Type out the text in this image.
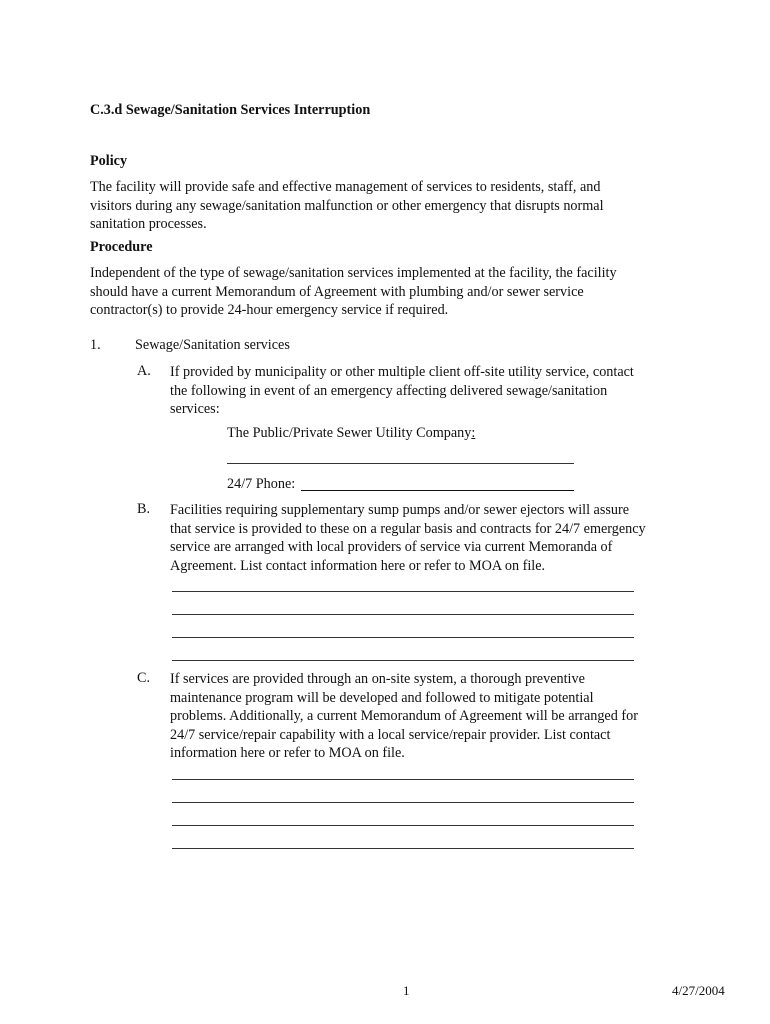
C.3.d Sewage/Sanitation Services Interruption
Policy
The facility will provide safe and effective management of services to residents, staff, and
visitors during any sewage/sanitation malfunction or other emergency that disrupts normal
sanitation processes.
Procedure
Independent of the type of sewage/sanitation services implemented at the facility, the facility
should have a current Memorandum of Agreement with plumbing and/or sewer service
contractor(s) to provide 24-hour emergency service if required.
1. Sewage/Sanitation services
A. If provided by municipality or other multiple client off-site utility service, contact
the following in event of an emergency affecting delivered sewage/sanitation
services:
The Public/Private Sewer Utility Company:
24/7 Phone:
B. Facilities requiring supplementary sump pumps and/or sewer ejectors will assure
that service is provided to these on a regular basis and contracts for 24/7 emergency
service are arranged with local providers of service via current Memoranda of
Agreement. List contact information here or refer to MOA on file.
C. If services are provided through an on-site system, a thorough preventive
maintenance program will be developed and followed to mitigate potential
problems. Additionally, a current Memorandum of Agreement will be arranged for
24/7 service/repair capability with a local service/repair provider. List contact
information here or refer to MOA on file.
1	4/27/2004
